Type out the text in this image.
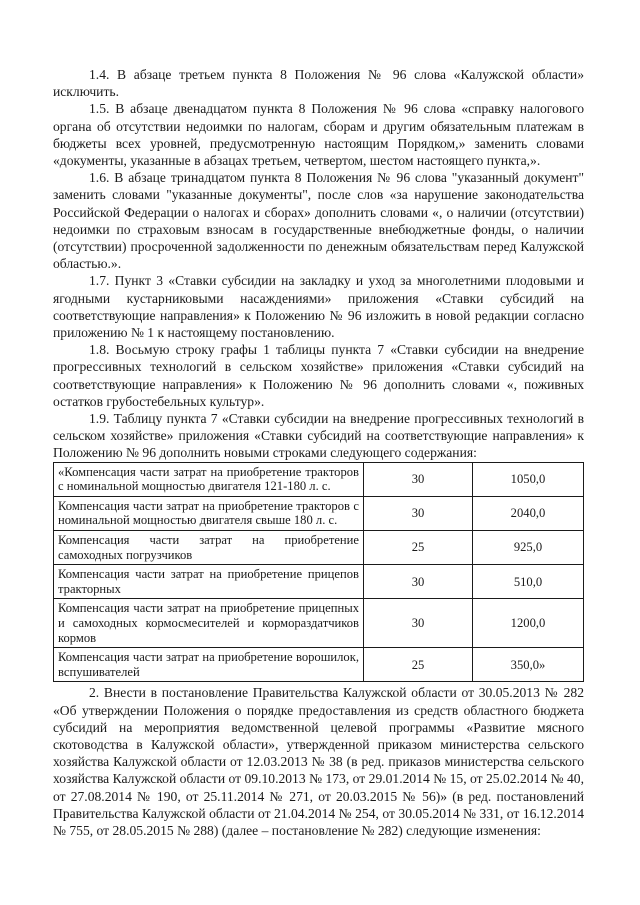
1.4. В абзаце третьем пункта 8 Положения № 96 слова «Калужской области» исключить.

1.5. В абзаце двенадцатом пункта 8 Положения № 96 слова «справку налогового органа об отсутствии недоимки по налогам, сборам и другим обязательным платежам в бюджеты всех уровней, предусмотренную настоящим Порядком,» заменить словами «документы, указанные в абзацах третьем, четвертом, шестом настоящего пункта,».

1.6. В абзаце тринадцатом пункта 8 Положения № 96 слова "указанный документ" заменить словами "указанные документы", после слов «за нарушение законодательства Российской Федерации о налогах и сборах» дополнить словами «, о наличии (отсутствии) недоимки по страховым взносам в государственные внебюджетные фонды, о наличии (отсутствии) просроченной задолженности по денежным обязательствам перед Калужской областью.».

1.7. Пункт 3 «Ставки субсидии на закладку и уход за многолетними плодовыми и ягодными кустарниковыми насаждениями» приложения «Ставки субсидий на соответствующие направления» к Положению № 96 изложить в новой редакции согласно приложению № 1 к настоящему постановлению.

1.8. Восьмую строку графы 1 таблицы пункта 7 «Ставки субсидии на внедрение прогрессивных технологий в сельском хозяйстве» приложения «Ставки субсидий на соответствующие направления» к Положению № 96 дополнить словами «, поживных остатков грубостебельных культур».

1.9. Таблицу пункта 7 «Ставки субсидии на внедрение прогрессивных технологий в сельском хозяйстве» приложения «Ставки субсидий на соответствующие направления» к Положению № 96 дополнить новыми строками следующего содержания:

«Компенсация части затрат на приобретение тракторов с номинальной мощностью двигателя 121-180 л. с.	30	1050,0
Компенсация части затрат на приобретение тракторов с номинальной мощностью двигателя свыше 180 л. с.	30	2040,0
Компенсация части затрат на приобретение самоходных погрузчиков	25	925,0
Компенсация части затрат на приобретение прицепов тракторных	30	510,0
Компенсация части затрат на приобретение прицепных и самоходных кормосмесителей и кормораздатчиков кормов	30	1200,0
Компенсация части затрат на приобретение ворошилок, вспушивателей	25	350,0»

2. Внести в постановление Правительства Калужской области от 30.05.2013 № 282 «Об утверждении Положения о порядке предоставления из средств областного бюджета субсидий на мероприятия ведомственной целевой программы «Развитие мясного скотоводства в Калужской области», утвержденной приказом министерства сельского хозяйства Калужской области от 12.03.2013 № 38 (в ред. приказов министерства сельского хозяйства Калужской области от 09.10.2013 № 173, от 29.01.2014 № 15, от 25.02.2014 № 40, от 27.08.2014 № 190, от 25.11.2014 № 271, от 20.03.2015 № 56)» (в ред. постановлений Правительства Калужской области от 21.04.2014 № 254, от 30.05.2014 № 331, от 16.12.2014 № 755, от 28.05.2015 № 288) (далее – постановление № 282) следующие изменения:
